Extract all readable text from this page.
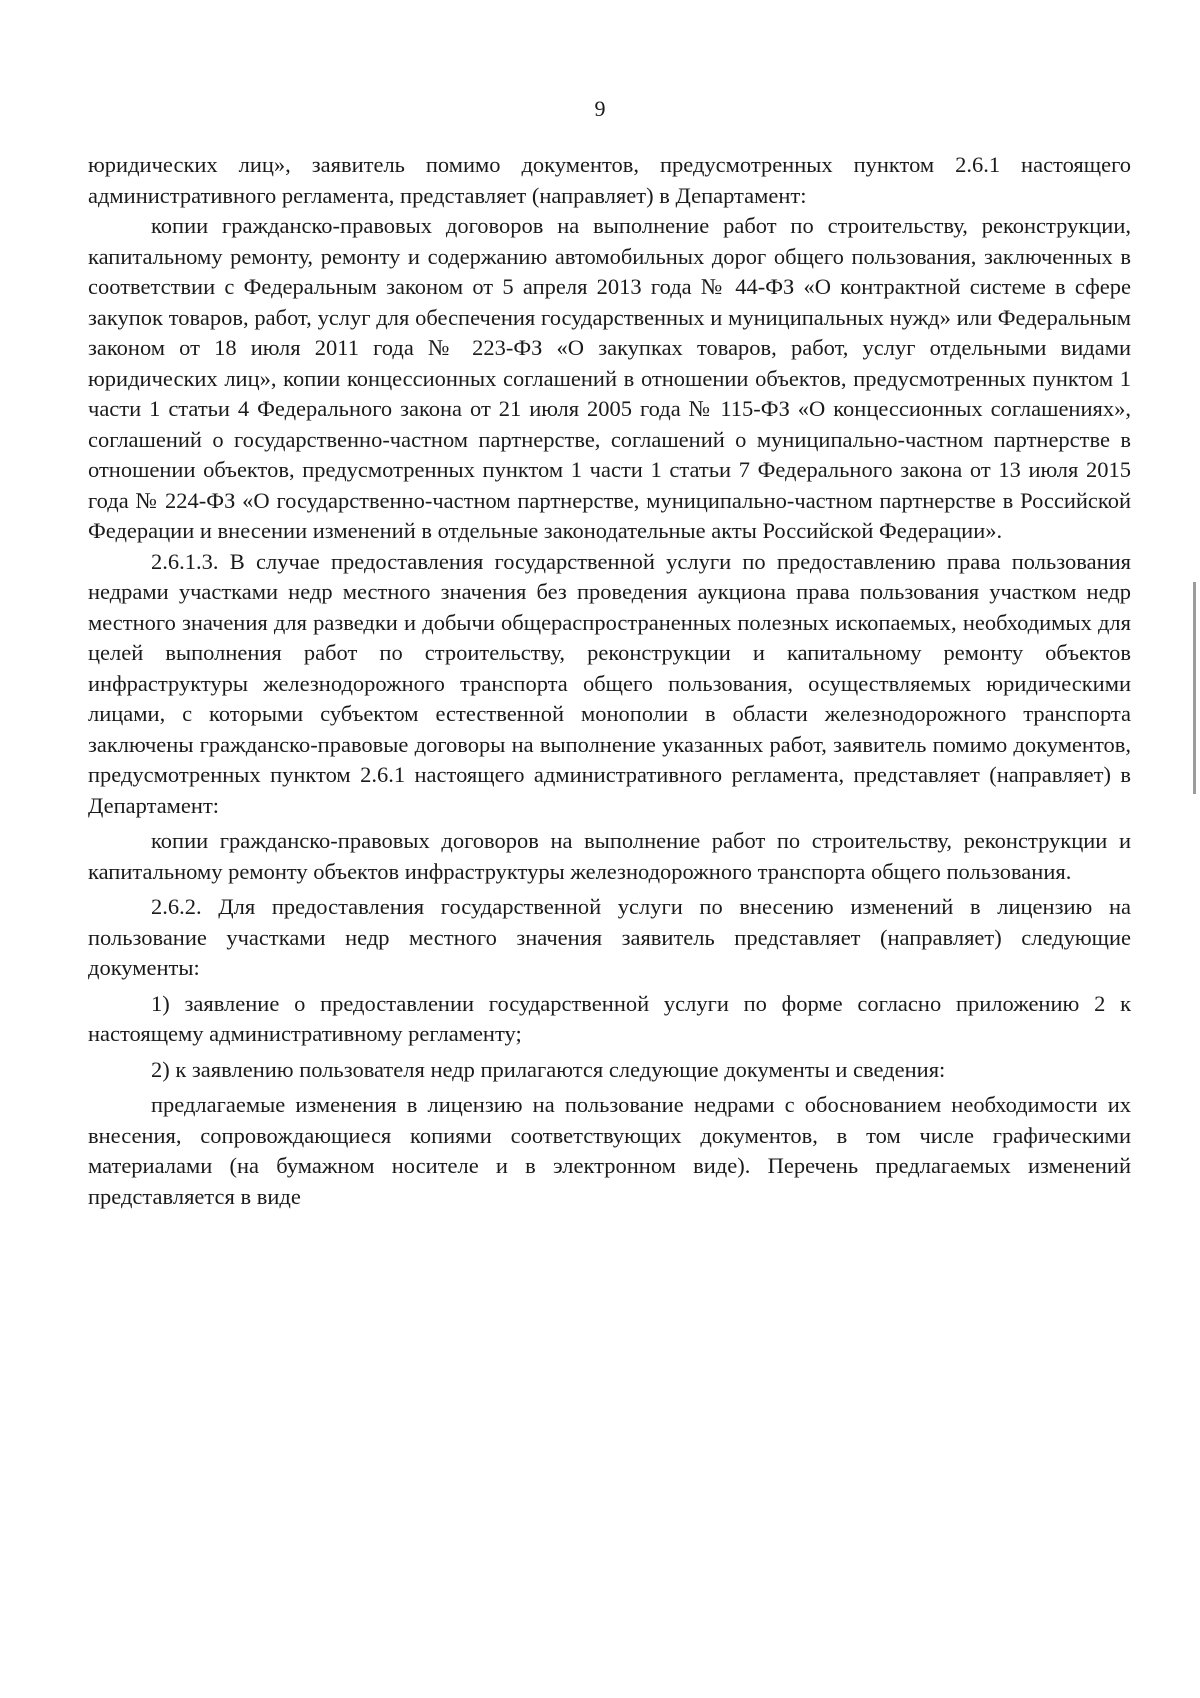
9

юридических лиц», заявитель помимо документов, предусмотренных пунктом 2.6.1 настоящего административного регламента, представляет (направляет) в Департамент:

копии гражданско-правовых договоров на выполнение работ по строительству, реконструкции, капитальному ремонту, ремонту и содержанию автомобильных дорог общего пользования, заключенных в соответствии с Федеральным законом от 5 апреля 2013 года № 44-ФЗ «О контрактной системе в сфере закупок товаров, работ, услуг для обеспечения государственных и муниципальных нужд» или Федеральным законом от 18 июля 2011 года № 223-ФЗ «О закупках товаров, работ, услуг отдельными видами юридических лиц», копии концессионных соглашений в отношении объектов, предусмотренных пунктом 1 части 1 статьи 4 Федерального закона от 21 июля 2005 года № 115-ФЗ «О концессионных соглашениях», соглашений о государственно-частном партнерстве, соглашений о муниципально-частном партнерстве в отношении объектов, предусмотренных пунктом 1 части 1 статьи 7 Федерального закона от 13 июля 2015 года № 224-ФЗ «О государственно-частном партнерстве, муниципально-частном партнерстве в Российской Федерации и внесении изменений в отдельные законодательные акты Российской Федерации».

2.6.1.3. В случае предоставления государственной услуги по предоставлению права пользования недрами участками недр местного значения без проведения аукциона права пользования участком недр местного значения для разведки и добычи общераспространенных полезных ископаемых, необходимых для целей выполнения работ по строительству, реконструкции и капитальному ремонту объектов инфраструктуры железнодорожного транспорта общего пользования, осуществляемых юридическими лицами, с которыми субъектом естественной монополии в области железнодорожного транспорта заключены гражданско-правовые договоры на выполнение указанных работ, заявитель помимо документов, предусмотренных пунктом 2.6.1 настоящего административного регламента, представляет (направляет) в Департамент:

копии гражданско-правовых договоров на выполнение работ по строительству, реконструкции и капитальному ремонту объектов инфраструктуры железнодорожного транспорта общего пользования.

2.6.2. Для предоставления государственной услуги по внесению изменений в лицензию на пользование участками недр местного значения заявитель представляет (направляет) следующие документы:

1) заявление о предоставлении государственной услуги по форме согласно приложению 2 к настоящему административному регламенту;

2) к заявлению пользователя недр прилагаются следующие документы и сведения:

предлагаемые изменения в лицензию на пользование недрами с обоснованием необходимости их внесения, сопровождающиеся копиями соответствующих документов, в том числе графическими материалами (на бумажном носителе и в электронном виде). Перечень предлагаемых изменений представляется в виде
